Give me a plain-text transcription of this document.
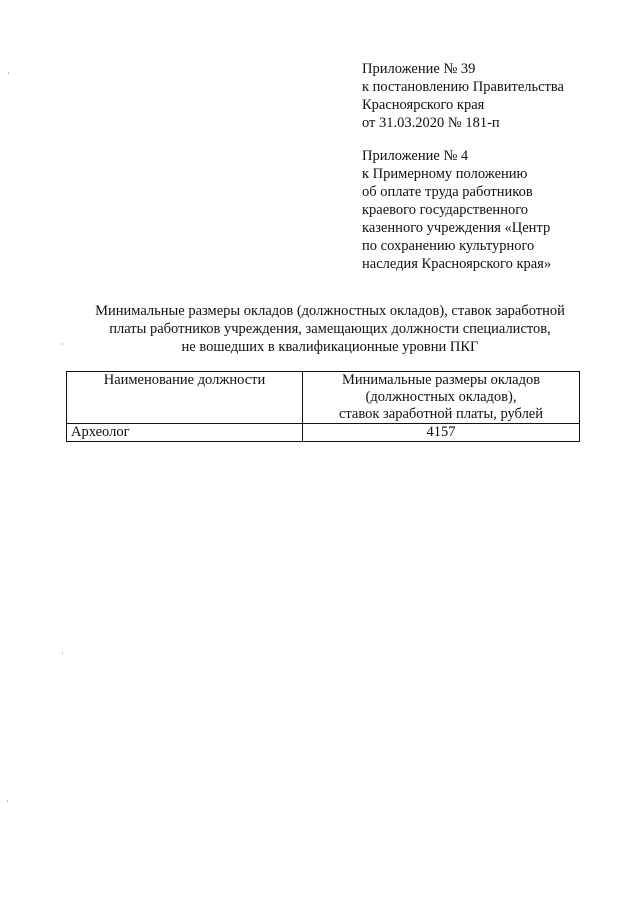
Приложение № 39
к постановлению Правительства
Красноярского края
от 31.03.2020 № 181-п
Приложение № 4
к Примерному положению
об оплате труда работников
краевого государственного
казенного учреждения «Центр
по сохранению культурного
наследия Красноярского края»
Минимальные размеры окладов (должностных окладов), ставок заработной
платы работников учреждения, замещающих должности специалистов,
не вошедших в квалификационные уровни ПКГ
Наименование должности	Минимальные размеры окладов
(должностных окладов),
ставок заработной платы, рублей

Археолог	4157
